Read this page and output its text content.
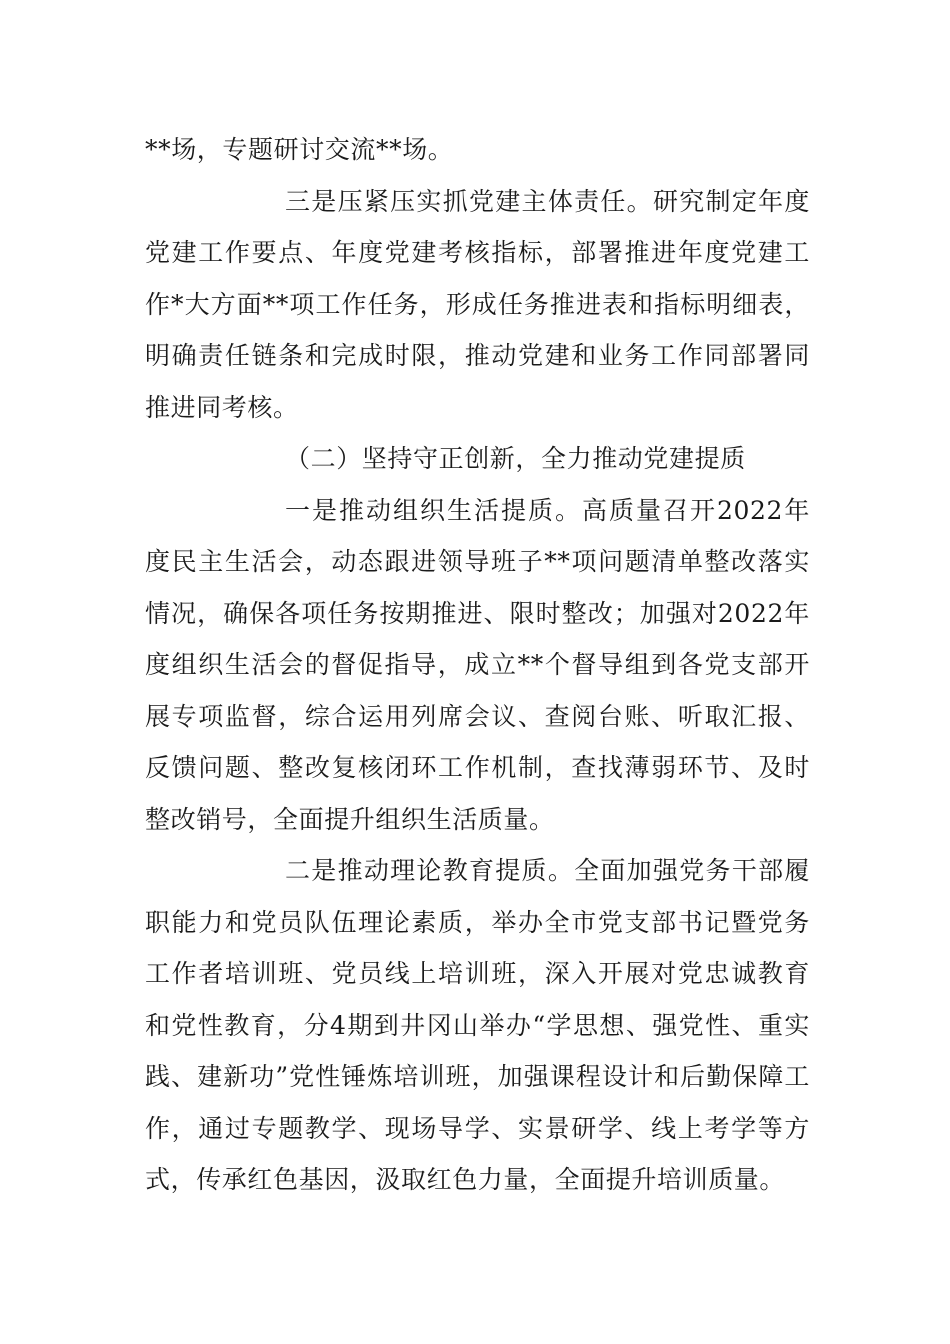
**场，专题研讨交流**场。

三是压紧压实抓党建主体责任。研究制定年度党建工作要点、年度党建考核指标，部署推进年度党建工作*大方面**项工作任务，形成任务推进表和指标明细表，明确责任链条和完成时限，推动党建和业务工作同部署同推进同考核。

（二）坚持守正创新，全力推动党建提质

一是推动组织生活提质。高质量召开2022年度民主生活会，动态跟进领导班子**项问题清单整改落实情况，确保各项任务按期推进、限时整改；加强对2022年度组织生活会的督促指导，成立**个督导组到各党支部开展专项监督，综合运用列席会议、查阅台账、听取汇报、反馈问题、整改复核闭环工作机制，查找薄弱环节、及时整改销号，全面提升组织生活质量。

二是推动理论教育提质。全面加强党务干部履职能力和党员队伍理论素质，举办全市党支部书记暨党务工作者培训班、党员线上培训班，深入开展对党忠诚教育和党性教育，分4期到井冈山举办“学思想、强党性、重实践、建新功”党性锤炼培训班，加强课程设计和后勤保障工作，通过专题教学、现场导学、实景研学、线上考学等方式，传承红色基因，汲取红色力量，全面提升培训质量。
